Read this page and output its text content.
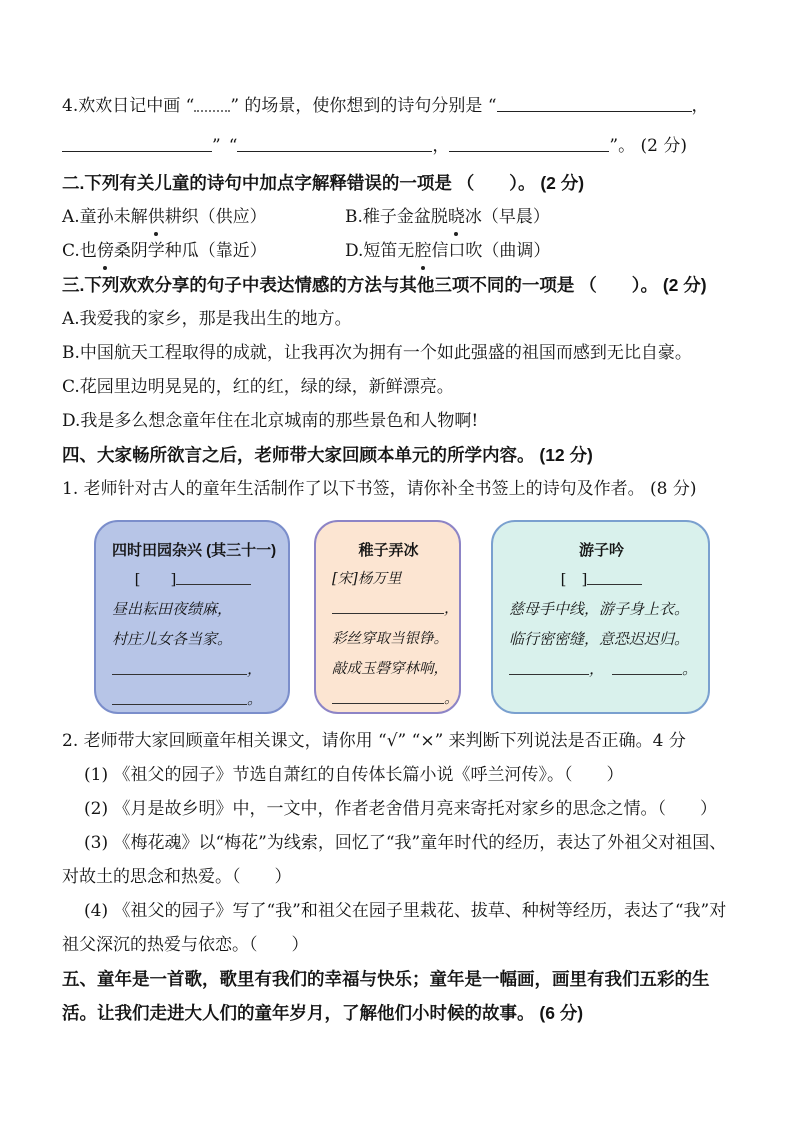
4.欢欢日记中画 “ ” 的场景，使你想到的诗句分别是 “	，

” “	，	”。 (2 分)

二.下列有关儿童的诗句中加点字解释错误的一项是 （　　）。 (2 分)

A.童孙未解供耕织（供应）	B.稚子金盆脱晓冰（早晨）

C.也傍桑阴学种瓜（靠近）	D.短笛无腔信口吹（曲调）

三.下列欢欢分享的句子中表达情感的方法与其他三项不同的一项是 （　　）。 (2 分)

A.我爱我的家乡，那是我出生的地方。

B.中国航天工程取得的成就，让我再次为拥有一个如此强盛的祖国而感到无比自豪。

C.花园里边明晃晃的，红的红，绿的绿，新鲜漂亮。

D.我是多么想念童年住在北京城南的那些景色和人物啊!

四、大家畅所欲言之后，老师带大家回顾本单元的所学内容。 (12 分)

1. 老师针对古人的童年生活制作了以下书签，请你补全书签上的诗句及作者。 (8 分)

四时田园杂兴 (其三十一)

[　　]

昼出耘田夜绩麻，

村庄儿女各当家。

，

。

稚子弄冰

[宋]杨万里

，

彩丝穿取当银铮。

敲成玉磬穿林响，

。

游子吟

[　]

慈母手中线，游子身上衣。

临行密密缝，意恐迟迟归。

，	。

2. 老师带大家回顾童年相关课文，请你用 “√” “×” 来判断下列说法是否正确。4 分

(1) 《祖父的园子》节选自萧红的自传体长篇小说《呼兰河传》。（　　）

(2) 《月是故乡明》中，一文中，作者老舍借月亮来寄托对家乡的思念之情。（　　）

(3) 《梅花魂》以“梅花”为线索，回忆了“我”童年时代的经历，表达了外祖父对祖国、对故土的思念和热爱。（　　）

(4) 《祖父的园子》写了“我”和祖父在园子里栽花、拔草、种树等经历，表达了“我”对祖父深沉的热爱与依恋。（　　）

五、童年是一首歌，歌里有我们的幸福与快乐；童年是一幅画，画里有我们五彩的生活。让我们走进大人们的童年岁月，了解他们小时候的故事。 (6 分)
